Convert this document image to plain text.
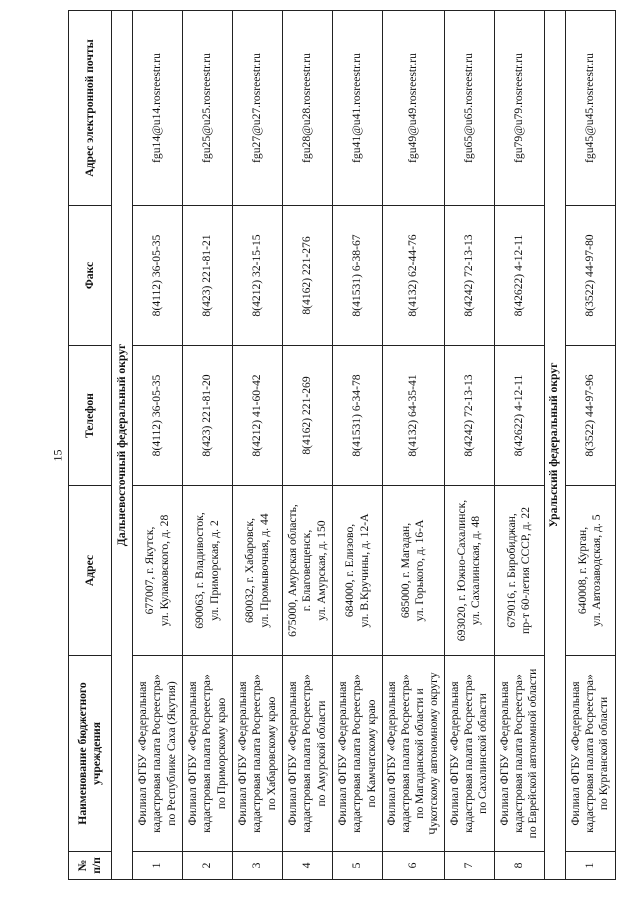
15
№ п/п	Наименование бюджетного учреждения	Адрес	Телефон	Факс	Адрес электронной почты
Дальневосточный федеральный округ					
1	Филиал ФГБУ «Федеральная кадастровая палата Росреестра» по Республике Саха (Якутия)	677007, г. Якутск, ул. Кулаковского, д. 28	8(4112) 36-05-35	8(4112) 36-05-35	fgu14@u14.rosreestr.ru
2	Филиал ФГБУ «Федеральная кадастровая палата Росреестра» по Приморскому краю	690063, г. Владивосток, ул. Приморская, д. 2	8(423) 221-81-20	8(423) 221-81-21	fgu25@u25.rosreestr.ru
3	Филиал ФГБУ «Федеральная кадастровая палата Росреестра» по Хабаровскому краю	680032, г. Хабаровск, ул. Промывочная, д. 44	8(4212) 41-60-42	8(4212) 32-15-15	fgu27@u27.rosreestr.ru
4	Филиал ФГБУ «Федеральная кадастровая палата Росреестра» по Амурской области	675000, Амурская область, г. Благовещенск, ул. Амурская, д. 150	8(4162) 221-269	8(4162) 221-276	fgu28@u28.rosreestr.ru
5	Филиал ФГБУ «Федеральная кадастровая палата Росреестра» по Камчатскому краю	684000, г. Елизово, ул. В.Кручины, д. 12-А	8(41531) 6-34-78	8(41531) 6-38-67	fgu41@u41.rosreestr.ru
6	Филиал ФГБУ «Федеральная кадастровая палата Росреестра» по Магаданской области и Чукотскому автономному округу	685000, г. Магадан, ул. Горького, д. 16-А	8(4132) 64-35-41	8(4132) 62-44-76	fgu49@u49.rosreestr.ru
7	Филиал ФГБУ «Федеральная кадастровая палата Росреестра» по Сахалинской области	693020, г. Южно-Сахалинск, ул. Сахалинская, д. 48	8(4242) 72-13-13	8(4242) 72-13-13	fgu65@u65.rosreestr.ru
8	Филиал ФГБУ «Федеральная кадастровая палата Росреестра» по Еврейской автономной области	679016, г. Биробиджан, пр-т 60-летия СССР, д. 22	8(42622) 4-12-11	8(42622) 4-12-11	fgu79@u79.rosreestr.ru
Уральский федеральный округ					
1	Филиал ФГБУ «Федеральная кадастровая палата Росреестра» по Курганской области	640008, г. Курган, ул. Автозаводская, д. 5	8(3522) 44-97-96	8(3522) 44-97-80	fgu45@u45.rosreestr.ru
